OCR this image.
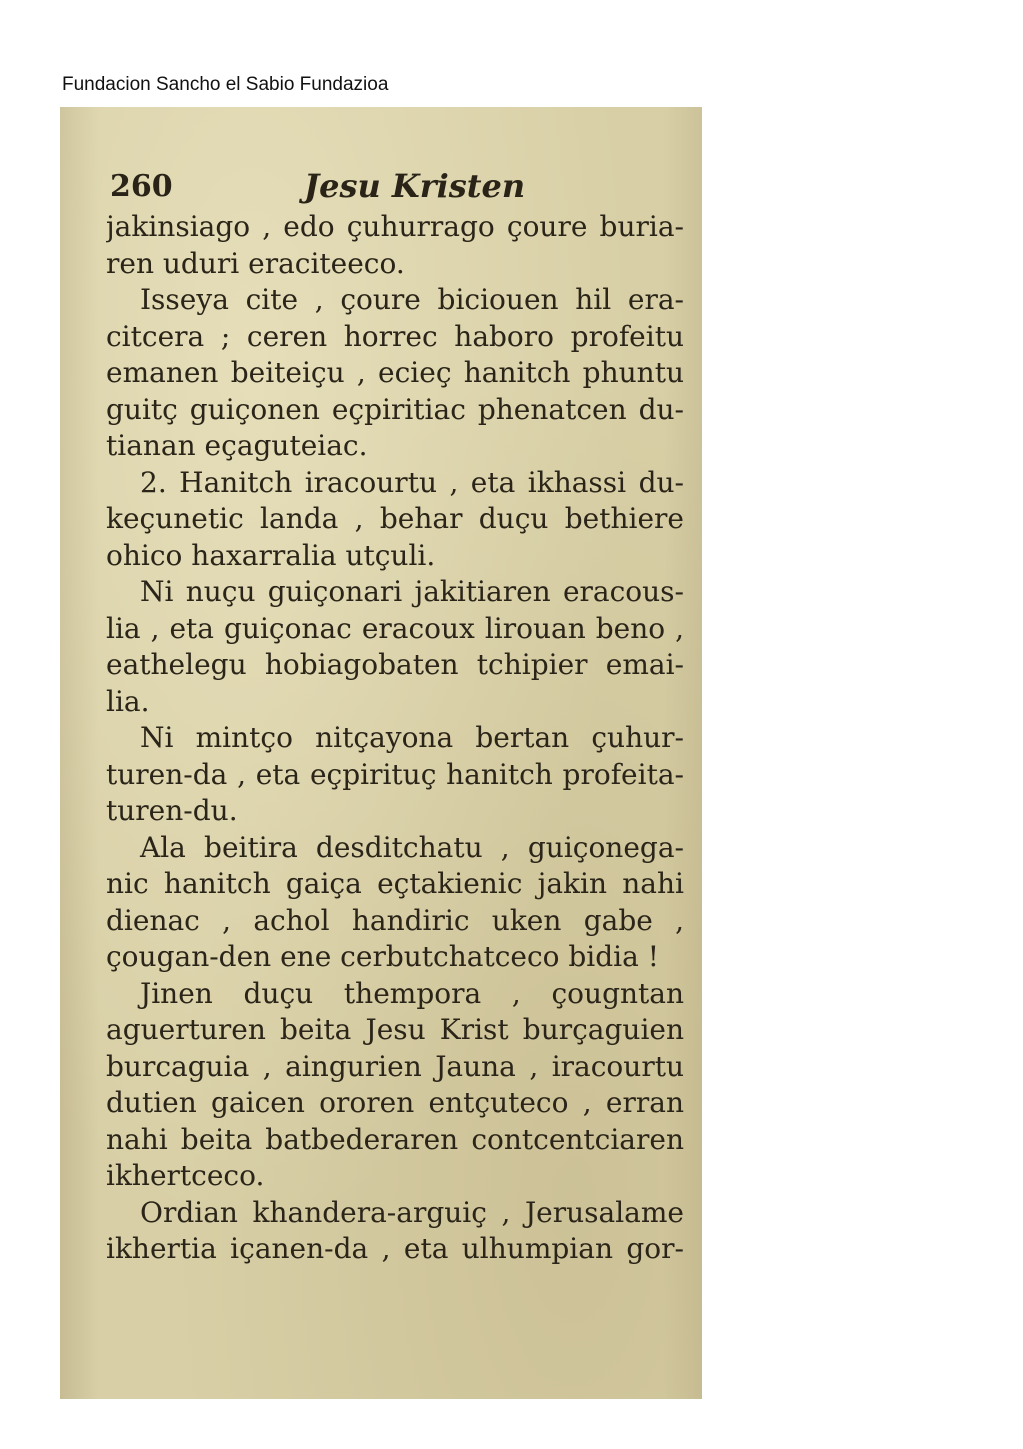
Fundacion Sancho el Sabio Fundazioa
260	Jesu Kristen
jakinsiago , edo çuhurrago çoure buria-
ren uduri eraciteeco.
Isseya cite , çoure biciouen hil era-
citcera ; ceren horrec haboro profeitu
emanen beiteiçu , ecieç hanitch phuntu
guitç guiçonen eçpiritiac phenatcen du-
tianan eçaguteiac.
2. Hanitch iracourtu , eta ikhassi du-
keçunetic landa , behar duçu bethiere
ohico haxarralia utçuli.
Ni nuçu guiçonari jakitiaren eracous-
lia , eta guiçonac eracoux lirouan beno ,
eathelegu hobiagobaten tchipier emai-
lia.
Ni mintço nitçayona bertan çuhur-
turen-da , eta eçpirituç hanitch profeita-
turen-du.
Ala beitira desditchatu , guiçonega-
nic hanitch gaiça eçtakienic jakin nahi
dienac , achol handiric uken gabe ,
çougan-den ene cerbutchatceco bidia !
Jinen duçu thempora , çougntan
aguerturen beita Jesu Krist burçaguien
burcaguia , aingurien Jauna , iracourtu
dutien gaicen ororen entçuteco , erran
nahi beita batbederaren contcentciaren
ikhertceco.
Ordian khandera-arguiç , Jerusalame
ikhertia içanen-da , eta ulhumpian gor-
